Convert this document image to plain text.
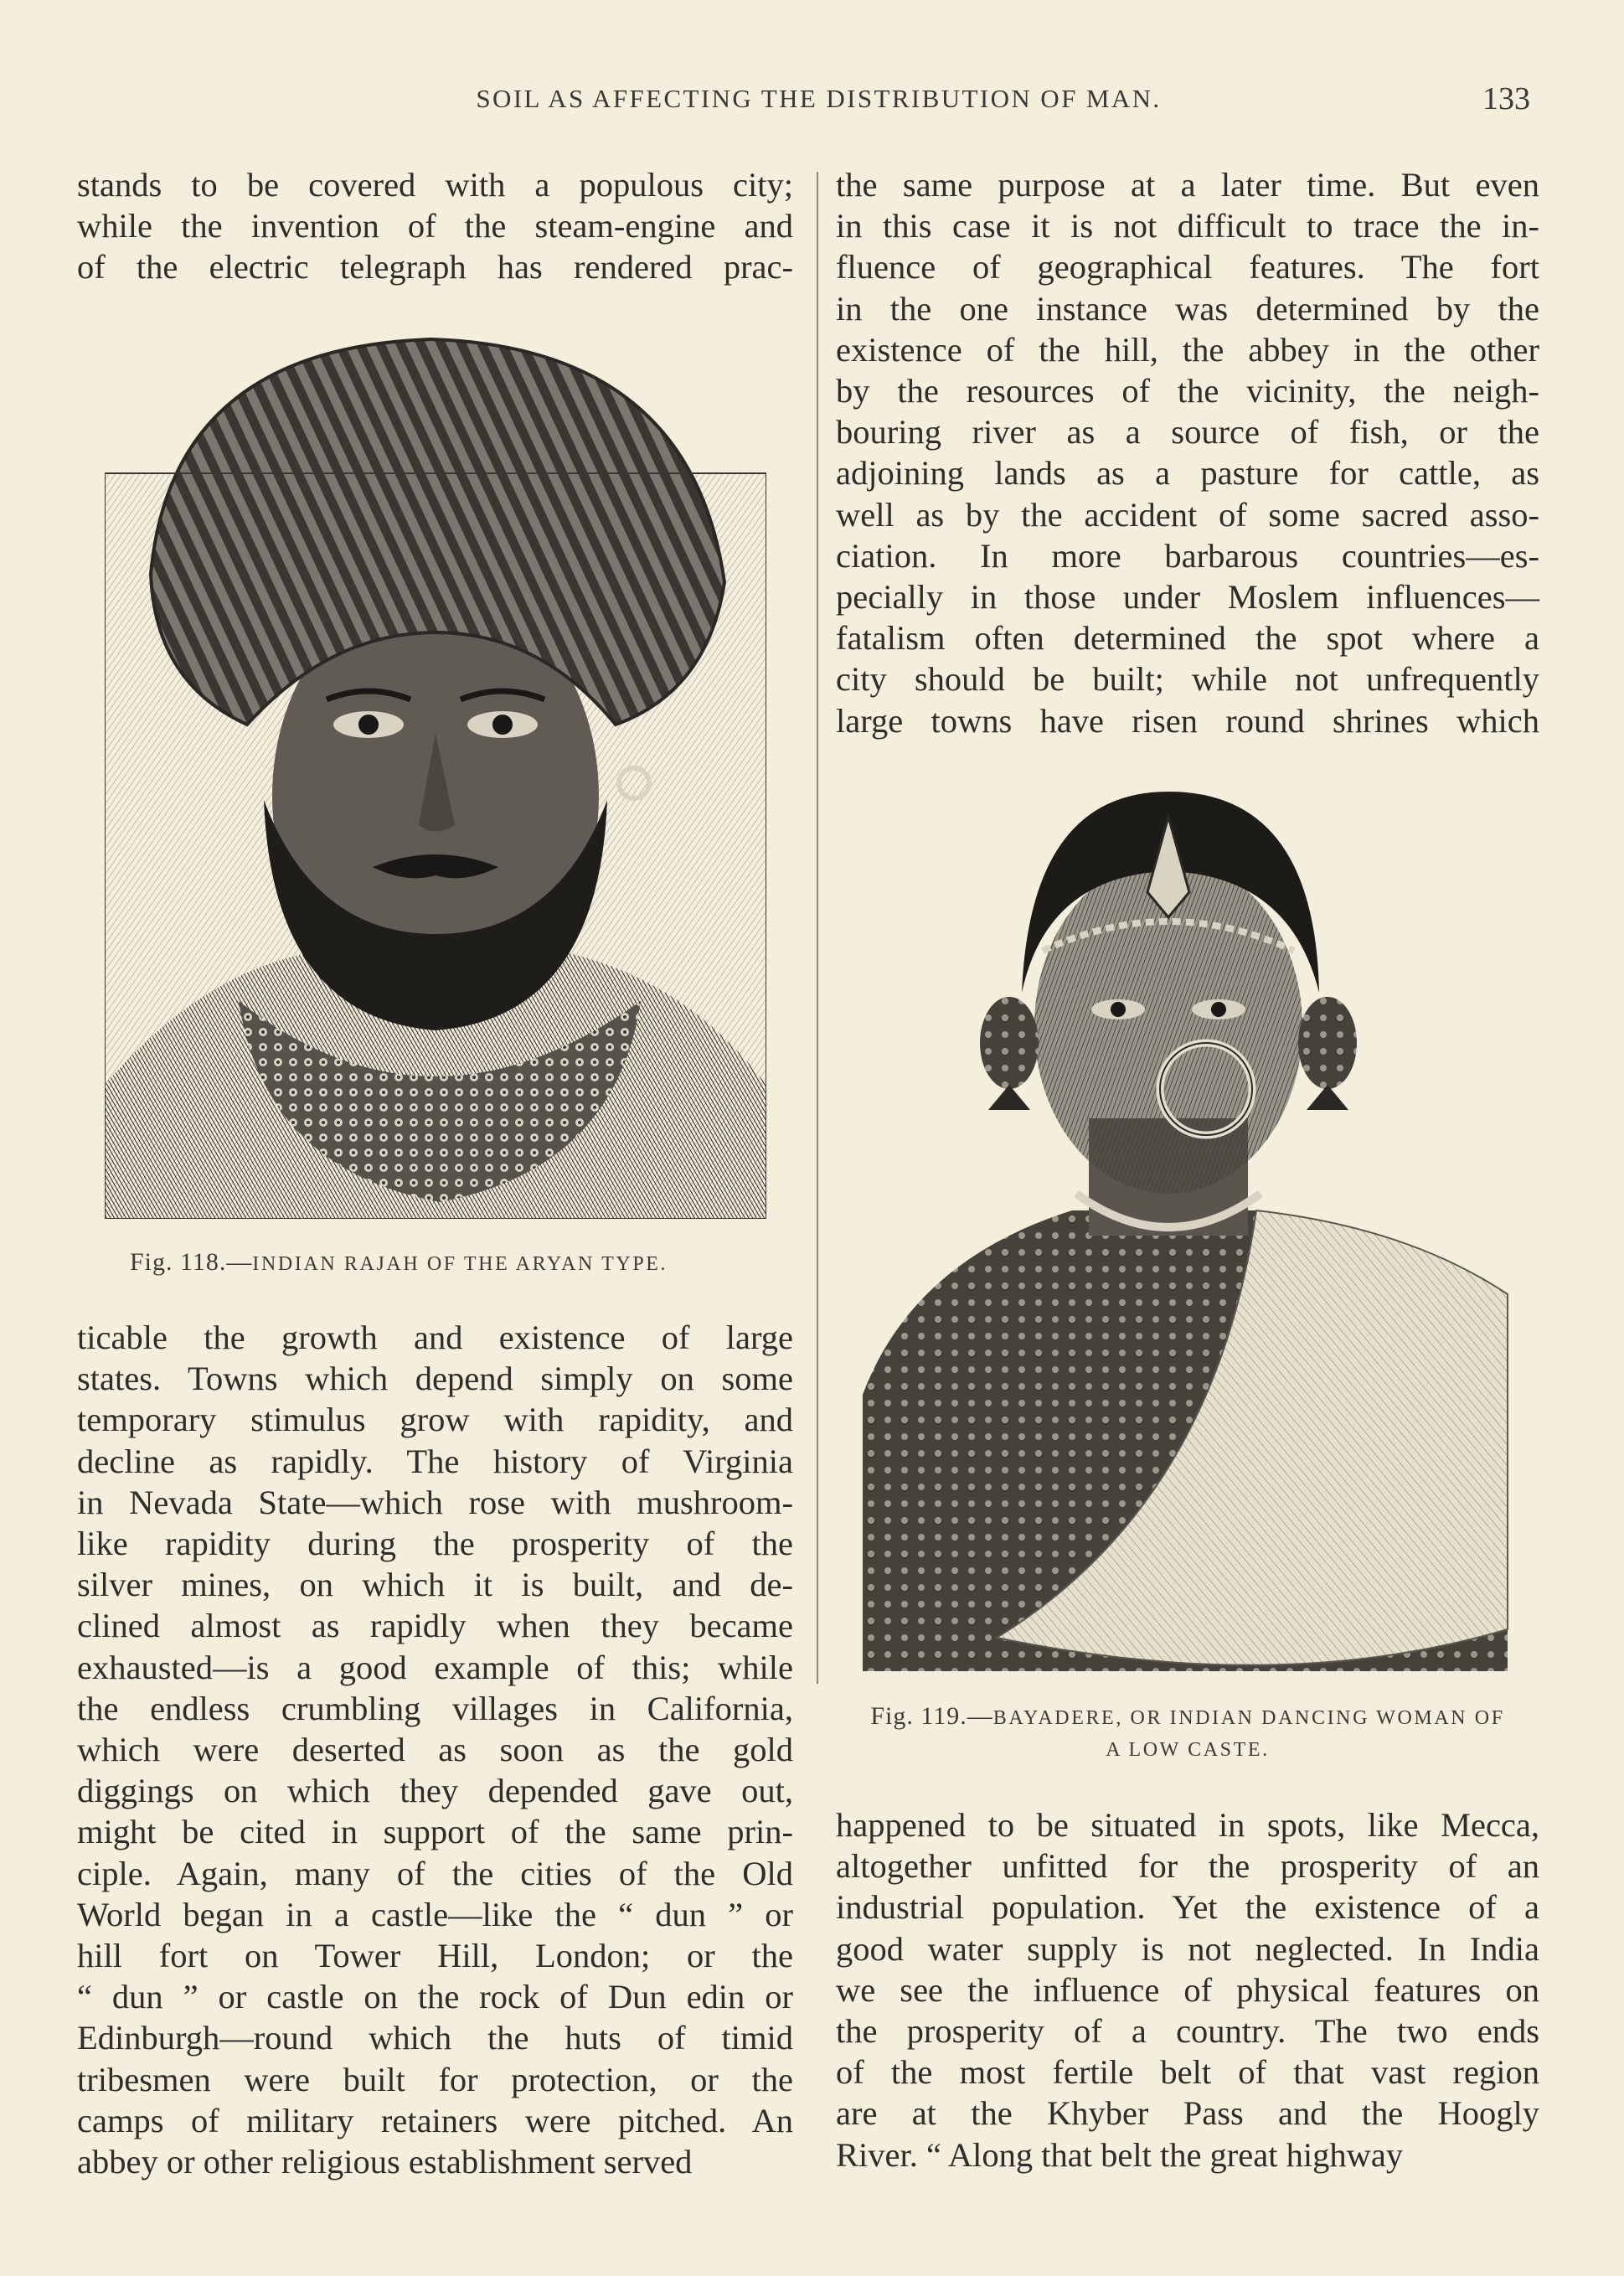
SOIL AS AFFECTING THE DISTRIBUTION OF MAN.	133
stands to be covered with a populous city;
while the invention of the steam-engine and
of the electric telegraph has rendered prac-
Fig. 118.—INDIAN RAJAH OF THE ARYAN TYPE.
ticable the growth and existence of large
states. Towns which depend simply on some
temporary stimulus grow with rapidity, and
decline as rapidly. The history of Virginia
in Nevada State—which rose with mushroom-
like rapidity during the prosperity of the
silver mines, on which it is built, and de-
clined almost as rapidly when they became
exhausted—is a good example of this; while
the endless crumbling villages in California,
which were deserted as soon as the gold
diggings on which they depended gave out,
might be cited in support of the same prin-
ciple. Again, many of the cities of the Old
World began in a castle—like the “ dun ” or
hill fort on Tower Hill, London; or the
“ dun ” or castle on the rock of Dun edin or
Edinburgh—round which the huts of timid
tribesmen were built for protection, or the
camps of military retainers were pitched. An
abbey or other religious establishment served
the same purpose at a later time. But even
in this case it is not difficult to trace the in-
fluence of geographical features. The fort
in the one instance was determined by the
existence of the hill, the abbey in the other
by the resources of the vicinity, the neigh-
bouring river as a source of fish, or the
adjoining lands as a pasture for cattle, as
well as by the accident of some sacred asso-
ciation. In more barbarous countries—es-
pecially in those under Moslem influences—
fatalism often determined the spot where a
city should be built; while not unfrequently
large towns have risen round shrines which
Fig. 119.—BAYADERE, OR INDIAN DANCING WOMAN OF
A LOW CASTE.
happened to be situated in spots, like Mecca,
altogether unfitted for the prosperity of an
industrial population. Yet the existence of a
good water supply is not neglected. In India
we see the influence of physical features on
the prosperity of a country. The two ends
of the most fertile belt of that vast region
are at the Khyber Pass and the Hoogly
River. “ Along that belt the great highway
